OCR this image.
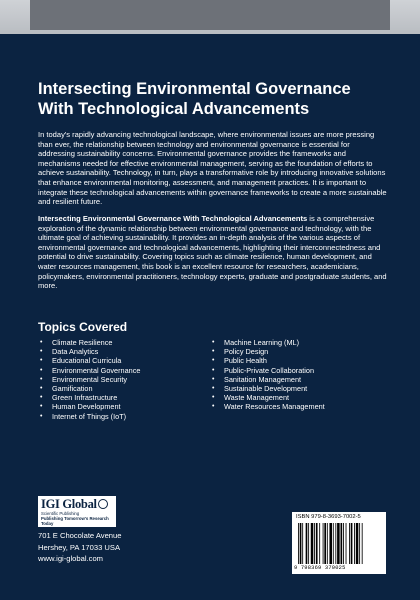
Intersecting Environmental Governance With Technological Advancements

In today's rapidly advancing technological landscape, where environmental issues are more pressing than ever, the relationship between technology and environmental governance is essential for addressing sustainability concerns. Environmental governance provides the frameworks and mechanisms needed for effective environmental management, serving as the foundation of efforts to achieve sustainability. Technology, in turn, plays a transformative role by introducing innovative solutions that enhance environmental monitoring, assessment, and management practices. It is important to integrate these technological advancements within governance frameworks to create a more sustainable and resilient future.

Intersecting Environmental Governance With Technological Advancements is a comprehensive exploration of the dynamic relationship between environmental governance and technology, with the ultimate goal of achieving sustainability. It provides an in-depth analysis of the various aspects of environmental governance and technological advancements, highlighting their interconnectedness and potential to drive sustainability. Covering topics such as climate resilience, human development, and water resources management, this book is an excellent resource for researchers, academicians, policymakers, environmental practitioners, technology experts, graduate and postgraduate students, and more.

Topics Covered
• Climate Resilience
• Data Analytics
• Educational Curricula
• Environmental Governance
• Environmental Security
• Gamification
• Green Infrastructure
• Human Development
• Internet of Things (IoT)
• Machine Learning (ML)
• Policy Design
• Public Health
• Public-Private Collaboration
• Sanitation Management
• Sustainable Development
• Waste Management
• Water Resources Management
IGI Global
Scientific Publishing
Publishing Tomorrow's Research Today
701 E Chocolate Avenue
Hershey, PA 17033 USA
www.igi-global.com
ISBN 979-8-3693-7002-5
9 798369 370025
